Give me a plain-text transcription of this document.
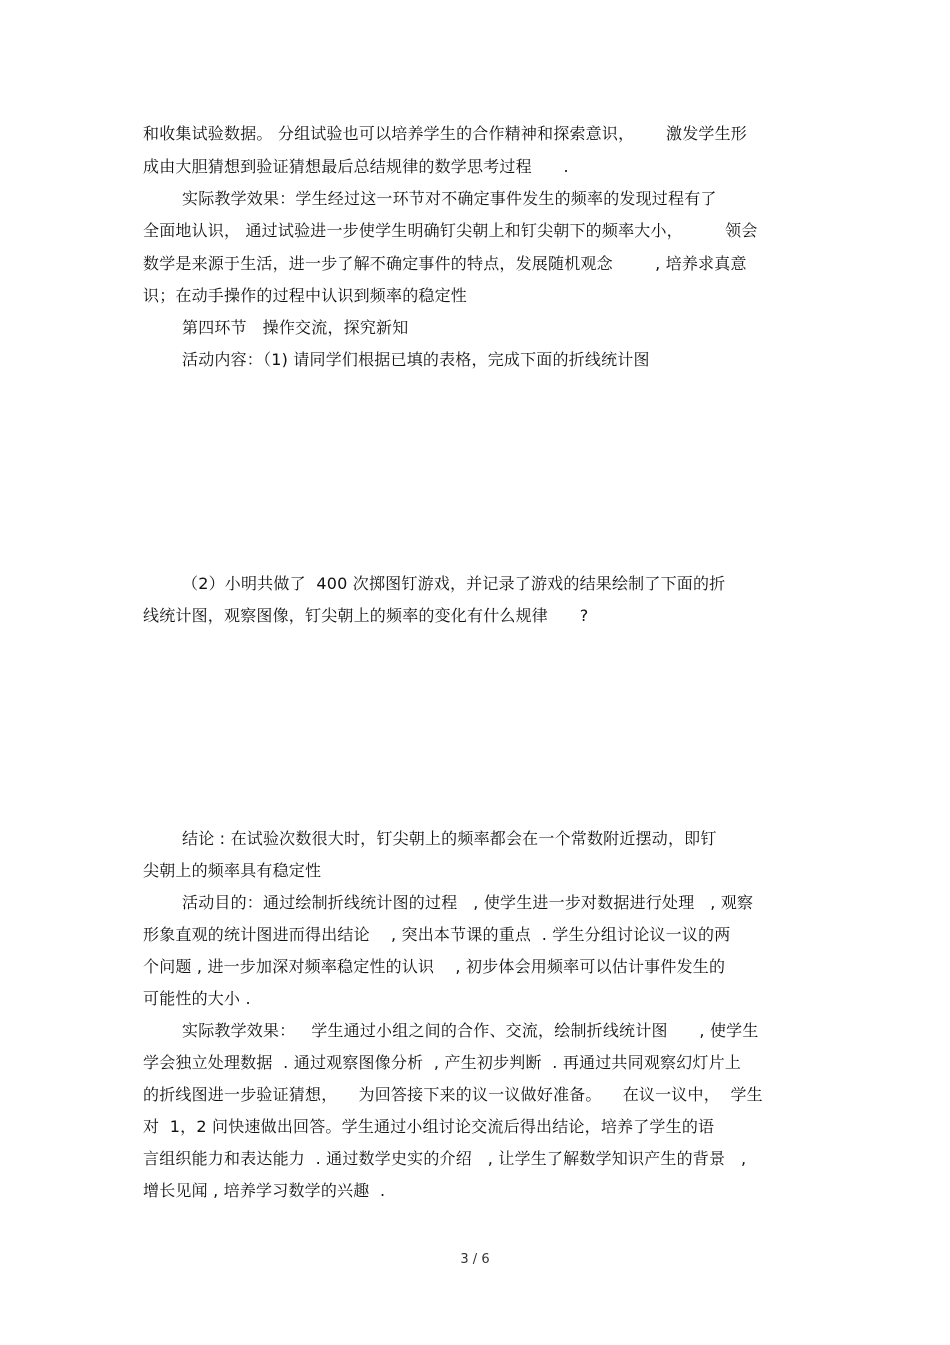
和收集试验数据。 分组试验也可以培养学生的合作精神和探索意识，      激发学生形
成由大胆猜想到验证猜想最后总结规律的数学思考过程      .
实际教学效果：学生经过这一环节对不确定事件发生的频率的发现过程有了
全面地认识， 通过试验进一步使学生明确钉尖朝上和钉尖朝下的频率大小，        领会
数学是来源于生活，进一步了解不确定事件的特点，发展随机观念        , 培养求真意
识；在动手操作的过程中认识到频率的稳定性
第四环节   操作交流，探究新知
活动内容：（1) 请同学们根据已填的表格，完成下面的折线统计图
（2）小明共做了  400 次掷图钉游戏，并记录了游戏的结果绘制了下面的折
线统计图，观察图像，钉尖朝上的频率的变化有什么规律      ?
结论 : 在试验次数很大时，钉尖朝上的频率都会在一个常数附近摆动，即钉
尖朝上的频率具有稳定性
活动目的：通过绘制折线统计图的过程   , 使学生进一步对数据进行处理   , 观察
形象直观的统计图进而得出结论    , 突出本节课的重点  . 学生分组讨论议一议的两
个问题 , 进一步加深对频率稳定性的认识    , 初步体会用频率可以估计事件发生的
可能性的大小 .
实际教学效果：   学生通过小组之间的合作、交流，绘制折线统计图      , 使学生
学会独立处理数据  . 通过观察图像分析  , 产生初步判断  . 再通过共同观察幻灯片上
的折线图进一步验证猜想，    为回答接下来的议一议做好准备。    在议一议中，  学生
对  1，2 问快速做出回答。学生通过小组讨论交流后得出结论，培养了学生的语
言组织能力和表达能力  . 通过数学史实的介绍   , 让学生了解数学知识产生的背景   ,
增长见闻 , 培养学习数学的兴趣  .
3 / 6
